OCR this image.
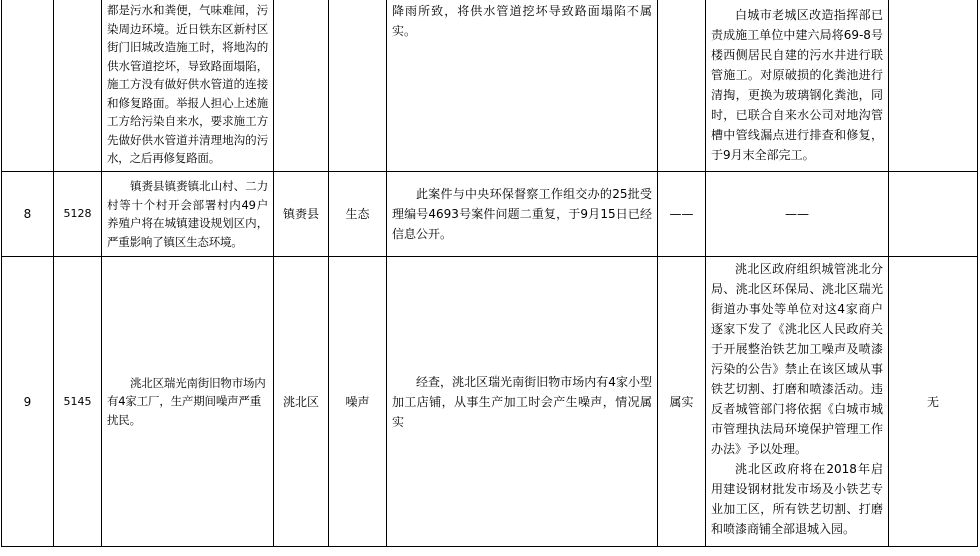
		都是污水和粪便，气味难闻，污染周边环境。近日铁东区新村区街门旧城改造施工时，将地沟的供水管道挖坏，导致路面塌陷，施工方没有做好供水管道的连接和修复路面。举报人担心上述施工方给污染自来水，要求施工方先做好供水管道并清理地沟的污水，之后再修复路面。			降雨所致，将供水管道挖坏导致路面塌陷不属实。		白城市老城区改造指挥部已责成施工单位中建六局将69-8号楼西侧居民自建的污水井进行联管施工。对原破损的化粪池进行清掏，更换为玻璃钢化粪池，同时，已联合自来水公司对地沟管槽中管线漏点进行排查和修复，于9月末全部完工。	

8	5128	镇赉县镇赉镇北山村、二力村等十个村开会部署村内49户养殖户将在城镇建设规划区内，严重影响了镇区生态环境。	镇赉县	生态	此案件与中央环保督察工作组交办的25批受理编号4693号案件问题二重复，于9月15日已经信息公开。	——	——	
9	5145	洮北区瑞光南街旧物市场内有4家工厂，生产期间噪声严重扰民。	洮北区	噪声	经查，洮北区瑞光南街旧物市场内有4家小型加工店铺，从事生产加工时会产生噪声，情况属实	属实	洮北区政府组织城管洮北分局、洮北区环保局、洮北区瑞光街道办事处等单位对这4家商户逐家下发了《洮北区人民政府关于开展整治铁艺加工噪声及喷漆污染的公告》禁止在该区域从事铁艺切割、打磨和喷漆活动。违反者城管部门将依据《白城市城市管理执法局环境保护管理工作办法》予以处理。

洮北区政府将在2018年启用建设钢材批发市场及小铁艺专业加工区，所有铁艺切割、打磨和喷漆商铺全部退城入园。	无
